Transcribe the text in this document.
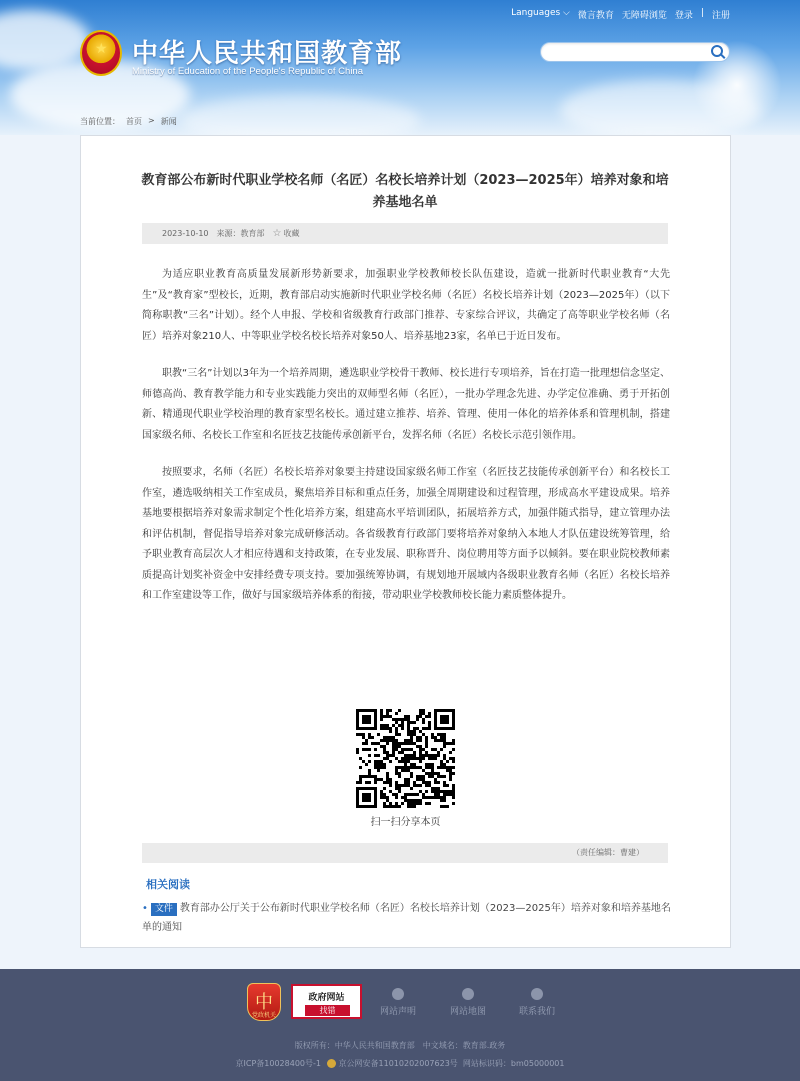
★ 中华人民共和国教育部
Ministry of Education of the People's Republic of China
Languages ⌵ 微言教育 无障碍浏览 登录 | 注册
当前位置： 首页 > 新闻
教育部公布新时代职业学校名师（名匠）名校长培养计划（2023—2025年）培养对象和培养基地名单
2023-10-10 来源：教育部 ☆ 收藏

为适应职业教育高质量发展新形势新要求，加强职业学校教师校长队伍建设，造就一批新时代职业教育“大先生”及“教育家”型校长，近期，教育部启动实施新时代职业学校名师（名匠）名校长培养计划（2023—2025年）（以下简称职教“三名”计划）。经个人申报、学校和省级教育行政部门推荐、专家综合评议，共确定了高等职业学校名师（名匠）培养对象210人、中等职业学校名校长培养对象50人、培养基地23家，名单已于近日发布。

职教“三名”计划以3年为一个培养周期，遴选职业学校骨干教师、校长进行专项培养，旨在打造一批理想信念坚定、师德高尚、教育教学能力和专业实践能力突出的双师型名师（名匠），一批办学理念先进、办学定位准确、勇于开拓创新、精通现代职业学校治理的教育家型名校长。通过建立推荐、培养、管理、使用一体化的培养体系和管理机制，搭建国家级名师、名校长工作室和名匠技艺技能传承创新平台，发挥名师（名匠）名校长示范引领作用。

按照要求，名师（名匠）名校长培养对象要主持建设国家级名师工作室（名匠技艺技能传承创新平台）和名校长工作室，遴选吸纳相关工作室成员，聚焦培养目标和重点任务，加强全周期建设和过程管理，形成高水平建设成果。培养基地要根据培养对象需求制定个性化培养方案，组建高水平培训团队，拓展培养方式，加强伴随式指导，建立管理办法和评估机制，督促指导培养对象完成研修活动。各省级教育行政部门要将培养对象纳入本地人才队伍建设统筹管理，给予职业教育高层次人才相应待遇和支持政策，在专业发展、职称晋升、岗位聘用等方面予以倾斜。要在职业院校教师素质提高计划奖补资金中安排经费专项支持。要加强统筹协调，有规划地开展域内各级职业教育名师（名匠）名校长培养和工作室建设等工作，做好与国家级培养体系的衔接，带动职业学校教师校长能力素质整体提升。

扫一扫分享本页
（责任编辑：曹建）
相关阅读
• 文件 教育部办公厅关于公布新时代职业学校名师（名匠）名校长培养计划（2023—2025年）培养对象和培养基地名单的通知
中
党政机关
政府网站
找错	网站声明	网站地图	联系我们
版权所有：中华人民共和国教育部　中文域名：教育部.政务
京ICP备10028400号-1 京公网安备11010202007623号 网站标识码：bm05000001
